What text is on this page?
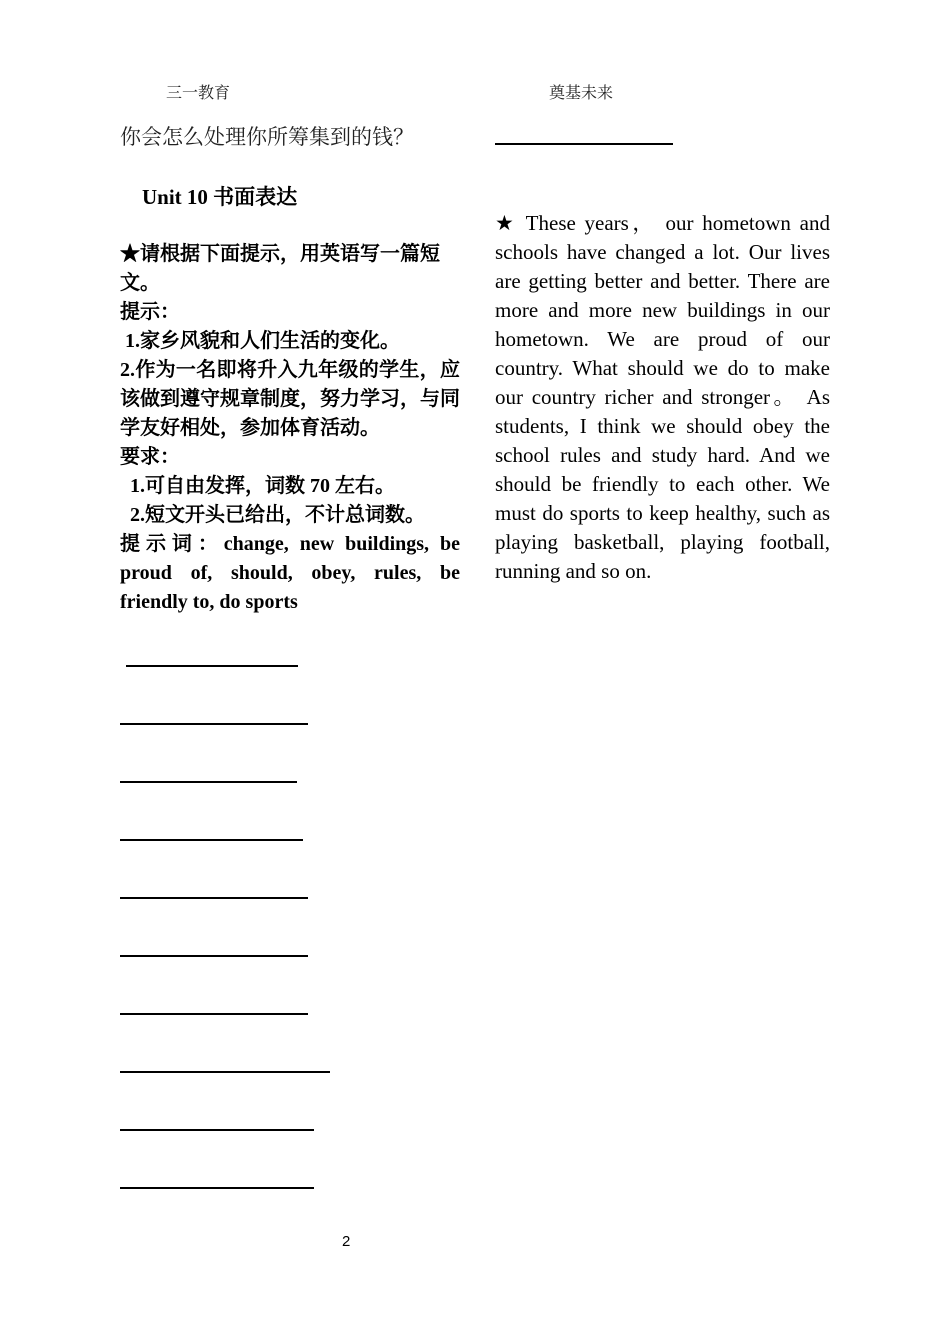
三一教育	奠基未来
你会怎么处理你所筹集到的钱？
Unit 10 书面表达
★请根据下面提示，用英语写一篇短文。
提示：
1.家乡风貌和人们生活的变化。
2.作为一名即将升入九年级的学生，应该做到遵守规章制度，努力学习，与同学友好相处，参加体育活动。
要求：
1.可自由发挥，词数 70 左右。
2.短文开头已给出，不计总词数。
提示词：change, new buildings, be proud of, should, obey, rules, be friendly to, do sports
★ These years， our hometown and schools have changed a lot. Our lives are getting better and better. There are more and more new buildings in our hometown. We are proud of our country. What should we do to make our country richer and stronger。 As students, I think we should obey the school rules and study hard. And we should be friendly to each other. We must do sports to keep healthy, such as playing basketball, playing football, running and so on.
2
